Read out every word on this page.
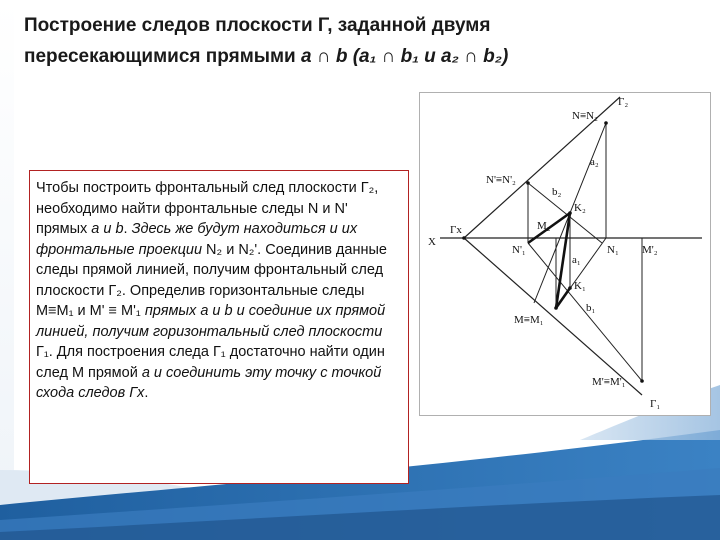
Построение следов плоскости Γ, заданной двумя
пересекающимися прямыми a ∩ b (a₁ ∩ b₁ и a₂ ∩ b₂)
Чтобы построить фронтальный след плоскости Г₂, необходимо найти фронтальные следы N и N' прямых a и b. Здесь же будут находиться и их фронтальные проекции N₂ и N₂'. Соединив данные следы прямой линией, получим фронтальный след плоскости Г₂. Определив горизонтальные следы M≡M₁ и M' ≡ M'₁ прямых a и b и соединие их прямой линией, получим горизонтальный след плоскости Г₁. Для построения следа Г₁ достаточно найти один след М прямой a и соединить эту точку с точкой схода следов Гx.
Γ₂
N≡N₂
a₂
N'≡N'₂
b₂
K₂
Γx	M₂
X
N'₁	N₁ M'₂
a₁
K₁
b₁
M≡M₁
M'≡M'₁
Γ₁
